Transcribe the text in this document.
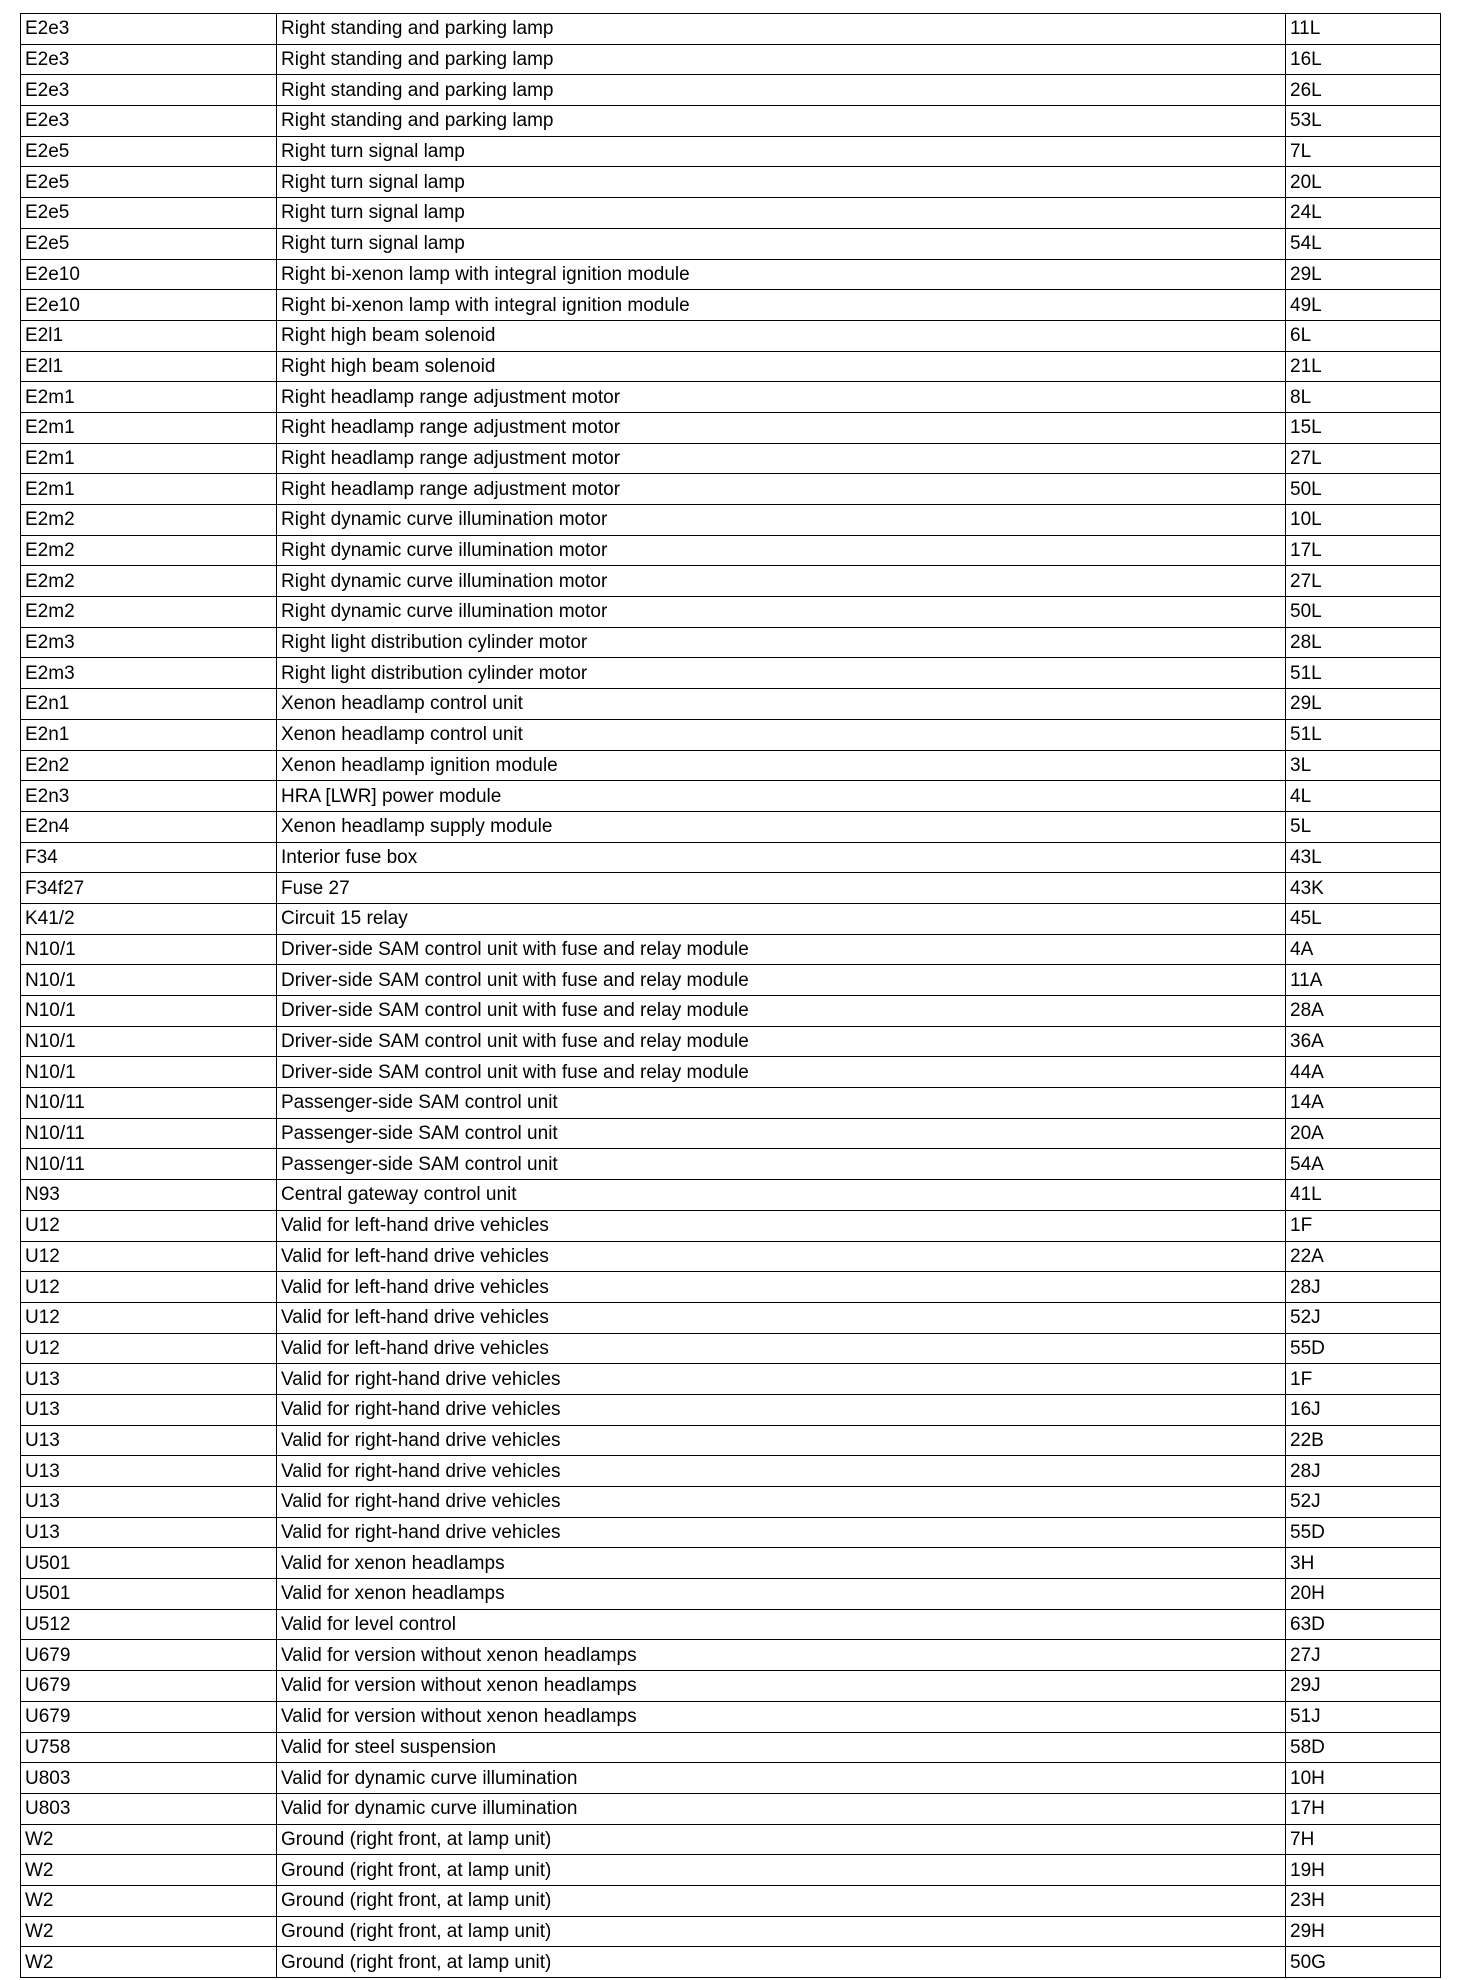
E2e3	Right standing and parking lamp	11L
E2e3	Right standing and parking lamp	16L
E2e3	Right standing and parking lamp	26L
E2e3	Right standing and parking lamp	53L
E2e5	Right turn signal lamp	7L
E2e5	Right turn signal lamp	20L
E2e5	Right turn signal lamp	24L
E2e5	Right turn signal lamp	54L
E2e10	Right bi-xenon lamp with integral ignition module	29L
E2e10	Right bi-xenon lamp with integral ignition module	49L
E2l1	Right high beam solenoid	6L
E2l1	Right high beam solenoid	21L
E2m1	Right headlamp range adjustment motor	8L
E2m1	Right headlamp range adjustment motor	15L
E2m1	Right headlamp range adjustment motor	27L
E2m1	Right headlamp range adjustment motor	50L
E2m2	Right dynamic curve illumination motor	10L
E2m2	Right dynamic curve illumination motor	17L
E2m2	Right dynamic curve illumination motor	27L
E2m2	Right dynamic curve illumination motor	50L
E2m3	Right light distribution cylinder motor	28L
E2m3	Right light distribution cylinder motor	51L
E2n1	Xenon headlamp control unit	29L
E2n1	Xenon headlamp control unit	51L
E2n2	Xenon headlamp ignition module	3L
E2n3	HRA [LWR] power module	4L
E2n4	Xenon headlamp supply module	5L
F34	Interior fuse box	43L
F34f27	Fuse 27	43K
K41/2	Circuit 15 relay	45L
N10/1	Driver-side SAM control unit with fuse and relay module	4A
N10/1	Driver-side SAM control unit with fuse and relay module	11A
N10/1	Driver-side SAM control unit with fuse and relay module	28A
N10/1	Driver-side SAM control unit with fuse and relay module	36A
N10/1	Driver-side SAM control unit with fuse and relay module	44A
N10/11	Passenger-side SAM control unit	14A
N10/11	Passenger-side SAM control unit	20A
N10/11	Passenger-side SAM control unit	54A
N93	Central gateway control unit	41L
U12	Valid for left-hand drive vehicles	1F
U12	Valid for left-hand drive vehicles	22A
U12	Valid for left-hand drive vehicles	28J
U12	Valid for left-hand drive vehicles	52J
U12	Valid for left-hand drive vehicles	55D
U13	Valid for right-hand drive vehicles	1F
U13	Valid for right-hand drive vehicles	16J
U13	Valid for right-hand drive vehicles	22B
U13	Valid for right-hand drive vehicles	28J
U13	Valid for right-hand drive vehicles	52J
U13	Valid for right-hand drive vehicles	55D
U501	Valid for xenon headlamps	3H
U501	Valid for xenon headlamps	20H
U512	Valid for level control	63D
U679	Valid for version without xenon headlamps	27J
U679	Valid for version without xenon headlamps	29J
U679	Valid for version without xenon headlamps	51J
U758	Valid for steel suspension	58D
U803	Valid for dynamic curve illumination	10H
U803	Valid for dynamic curve illumination	17H
W2	Ground (right front, at lamp unit)	7H
W2	Ground (right front, at lamp unit)	19H
W2	Ground (right front, at lamp unit)	23H
W2	Ground (right front, at lamp unit)	29H
W2	Ground (right front, at lamp unit)	50G
